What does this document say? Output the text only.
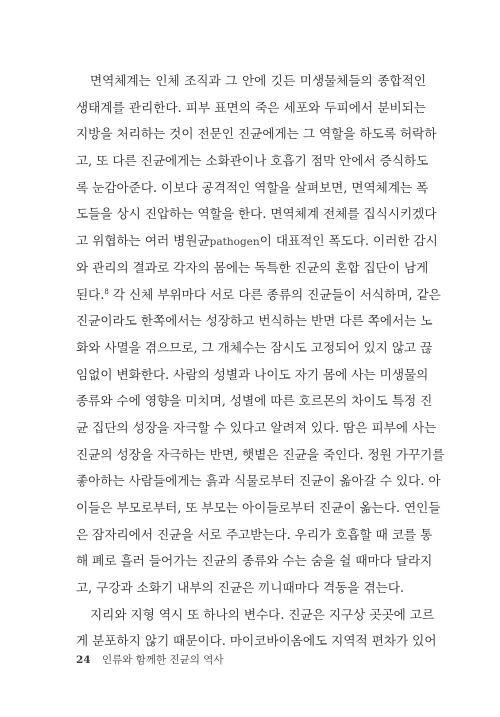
면역체계는 인체 조직과 그 안에 깃든 미생물체들의 종합적인
생태계를 관리한다. 피부 표면의 죽은 세포와 두피에서 분비되는
지방을 처리하는 것이 전문인 진균에게는 그 역할을 하도록 허락하
고, 또 다른 진균에게는 소화관이나 호흡기 점막 안에서 증식하도
록 눈감아준다. 이보다 공격적인 역할을 살펴보면, 면역체계는 폭
도들을 상시 진압하는 역할을 한다. 면역체계 전체를 집식시키겠다
고 위협하는 여러 병원균pathogen이 대표적인 폭도다. 이러한 감시
와 관리의 결과로 각자의 몸에는 독특한 진균의 혼합 집단이 남게
된다.$^8$ 각 신체 부위마다 서로 다른 종류의 진균들이 서식하며, 같은
진균이라도 한쪽에서는 성장하고 번식하는 반면 다른 쪽에서는 노
화와 사멸을 겪으므로, 그 개체수는 잠시도 고정되어 있지 않고 끊
임없이 변화한다. 사람의 성별과 나이도 자기 몸에 사는 미생물의
종류와 수에 영향을 미치며, 성별에 따른 호르몬의 차이도 특정 진
균 집단의 성장을 자극할 수 있다고 알려져 있다. 땀은 피부에 사는
진균의 성장을 자극하는 반면, 햇볕은 진균을 죽인다. 정원 가꾸기를
좋아하는 사람들에게는 흙과 식물로부터 진균이 옮아갈 수 있다. 아
이들은 부모로부터, 또 부모는 아이들로부터 진균이 옮는다. 연인들
은 잠자리에서 진균을 서로 주고받는다. 우리가 호흡할 때 코를 통
해 폐로 흘러 들어가는 진균의 종류와 수는 숨을 쉴 때마다 달라지
고, 구강과 소화기 내부의 진균은 끼니때마다 격동을 겪는다.
지리와 지형 역시 또 하나의 변수다. 진균은 지구상 곳곳에 고르
게 분포하지 않기 때문이다. 마이코바이옴에도 지역적 편차가 있어
24 인류와 함께한 진균의 역사
